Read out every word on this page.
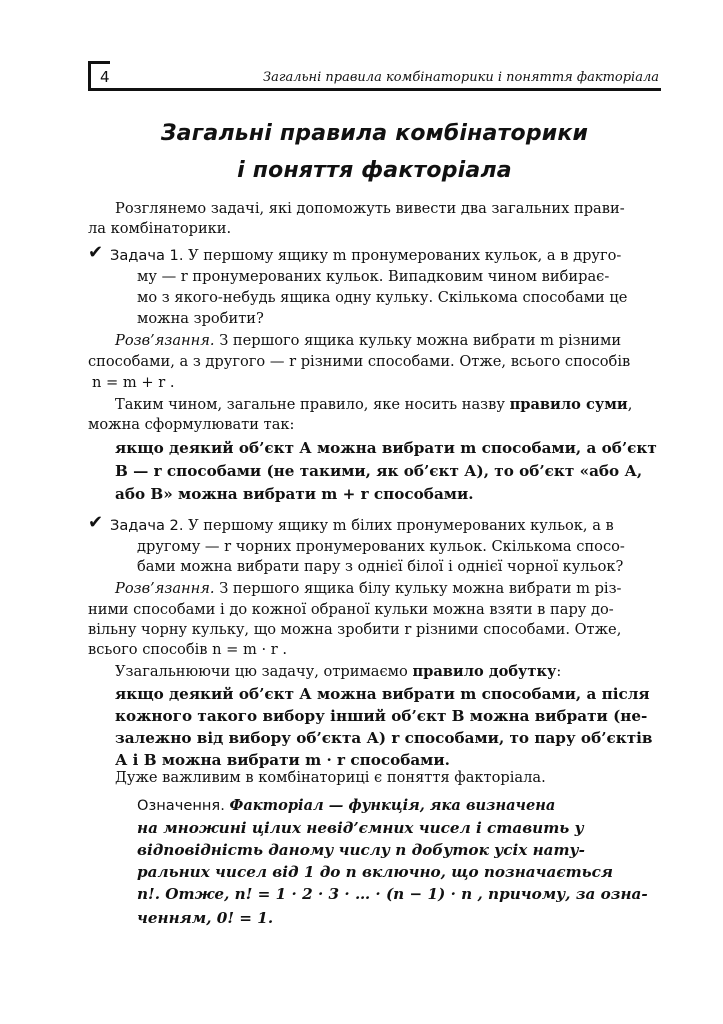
4	Загальні правила комбінаторики і поняття факторіала
Загальні правила комбінаторики
і поняття факторіала
Розглянемо задачі, які допоможуть вивести два загальних прави-
ла комбінаторики.
✔ Задача 1. У першому ящику m пронумерованих кульок, а в друго-
му — r пронумерованих кульок. Випадковим чином вибирає-
мо з якого-небудь ящика одну кульку. Скількома способами це
можна зробити?
Розв’язання. З першого ящика кульку можна вибрати m різними
способами, а з другого — r різними способами. Отже, всього способів
n = m + r .
Таким чином, загальне правило, яке носить назву правило суми,
можна сформулювати так:
якщо деякий об’єкт А можна вибрати m способами, а об’єкт
В — r способами (не такими, як об’єкт А), то об’єкт «або А,
або В» можна вибрати m + r способами.
✔ Задача 2. У першому ящику m білих пронумерованих кульок, а в
другому — r чорних пронумерованих кульок. Скількома спосо-
бами можна вибрати пару з однієї білої і однієї чорної кульок?
Розв’язання. З першого ящика білу кульку можна вибрати m різ-
ними способами і до кожної обраної кульки можна взяти в пару до-
вільну чорну кульку, що можна зробити r різними способами. Отже,
всього способів n = m · r .
Узагальнюючи цю задачу, отримаємо правило добутку:
якщо деякий об’єкт А можна вибрати m способами, а після
кожного такого вибору інший об’єкт В можна вибрати (не-
залежно від вибору об’єкта А) r способами, то пару об’єктів
А і В можна вибрати m · r способами.
Дуже важливим в комбінаториці є поняття факторіала.
Означення. Факторіал — функція, яка визначена
на множині цілих невід’ємних чисел і ставить у
відповідність даному числу n добуток усіх нату-
ральних чисел від 1 до n включно, що позначається
n!. Отже, n! = 1 · 2 · 3 · … · (n − 1) · n , причому, за озна-
ченням, 0! = 1.
